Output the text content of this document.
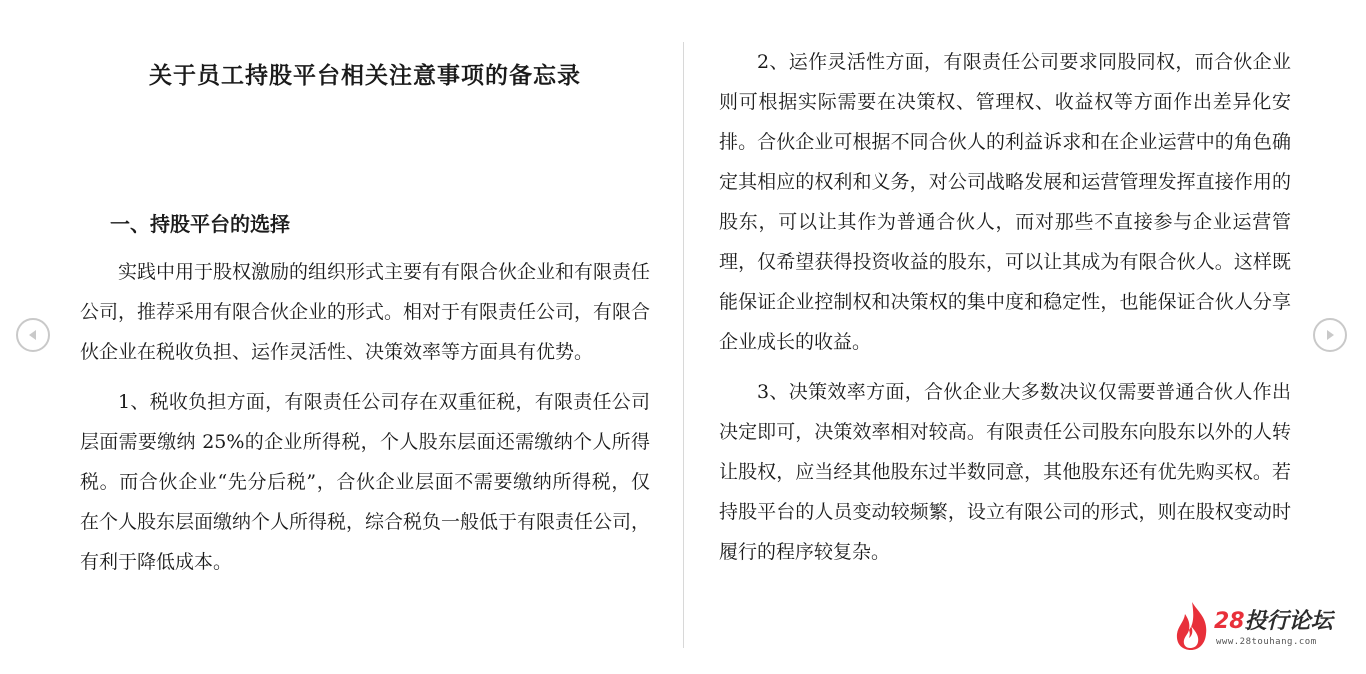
关于员工持股平台相关注意事项的备忘录
一、持股平台的选择

实践中用于股权激励的组织形式主要有有限合伙企业和有限责任公司，推荐采用有限合伙企业的形式。相对于有限责任公司，有限合伙企业在税收负担、运作灵活性、决策效率等方面具有优势。

1、税收负担方面，有限责任公司存在双重征税，有限责任公司层面需要缴纳 25%的企业所得税，个人股东层面还需缴纳个人所得税。而合伙企业“先分后税”，合伙企业层面不需要缴纳所得税，仅在个人股东层面缴纳个人所得税，综合税负一般低于有限责任公司，有利于降低成本。

2、运作灵活性方面，有限责任公司要求同股同权，而合伙企业则可根据实际需要在决策权、管理权、收益权等方面作出差异化安排。合伙企业可根据不同合伙人的利益诉求和在企业运营中的角色确定其相应的权利和义务，对公司战略发展和运营管理发挥直接作用的股东，可以让其作为普通合伙人，而对那些不直接参与企业运营管理，仅希望获得投资收益的股东，可以让其成为有限合伙人。这样既能保证企业控制权和决策权的集中度和稳定性，也能保证合伙人分享企业成长的收益。

3、决策效率方面，合伙企业大多数决议仅需要普通合伙人作出决定即可，决策效率相对较高。有限责任公司股东向股东以外的人转让股权，应当经其他股东过半数同意，其他股东还有优先购买权。若持股平台的人员变动较频繁，设立有限公司的形式，则在股权变动时履行的程序较复杂。

28投行论坛
www.28touhang.com
